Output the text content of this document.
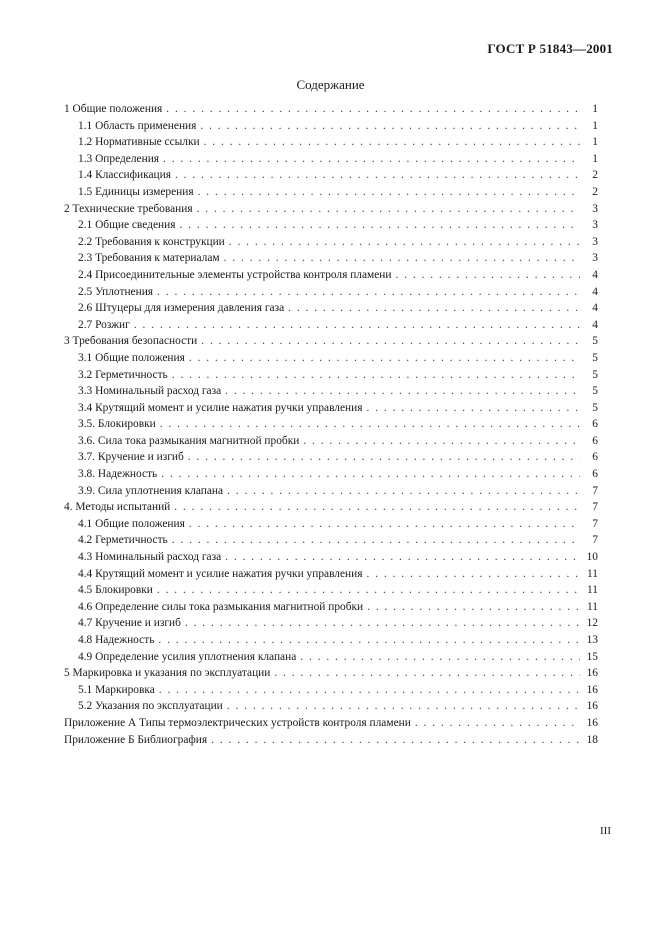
ГОСТ Р 51843—2001
Содержание
1 Общие положения . . .	1
1.1 Область применения . . .	1
1.2 Нормативные ссылки . . .	1
1.3 Определения . . .	1
1.4 Классификация . . .	2
1.5 Единицы измерения . . .	2
2 Технические требования . . .	3
2.1 Общие сведения . . .	3
2.2 Требования к конструкции . . .	3
2.3 Требования к материалам . . .	3
2.4 Присоединительные элементы устройства контроля пламени . . .	4
2.5 Уплотнения . . .	4
2.6 Штуцеры для измерения давления газа . . .	4
2.7 Розжиг . . .	4
3 Требования безопасности . . .	5
3.1 Общие положения . . .	5
3.2 Герметичность . . .	5
3.3 Номинальный расход газа . . .	5
3.4 Крутящий момент и усилие нажатия ручки управления . . .	5
3.5. Блокировки . . .	6
3.6. Сила тока размыкания магнитной пробки . . .	6
3.7. Кручение и изгиб . . .	6
3.8. Надежность . . .	6
3.9. Сила уплотнения клапана . . .	7
4. Методы испытаний . . .	7
4.1 Общие положения . . .	7
4.2 Герметичность . . .	7
4.3 Номинальный расход газа . . .	10
4.4 Крутящий момент и усилие нажатия ручки управления . . .	11
4.5 Блокировки . . .	11
4.6 Определение силы тока размыкания магнитной пробки . . .	11
4.7 Кручение и изгиб . . .	12
4.8 Надежность . . .	13
4.9 Определение усилия уплотнения клапана . . .	15
5 Маркировка и указания по эксплуатации . . .	16
5.1 Маркировка . . .	16
5.2 Указания по эксплуатации . . .	16
Приложение А Типы термоэлектрических устройств контроля пламени . . .	16
Приложение Б Библиография . . .	18
III
